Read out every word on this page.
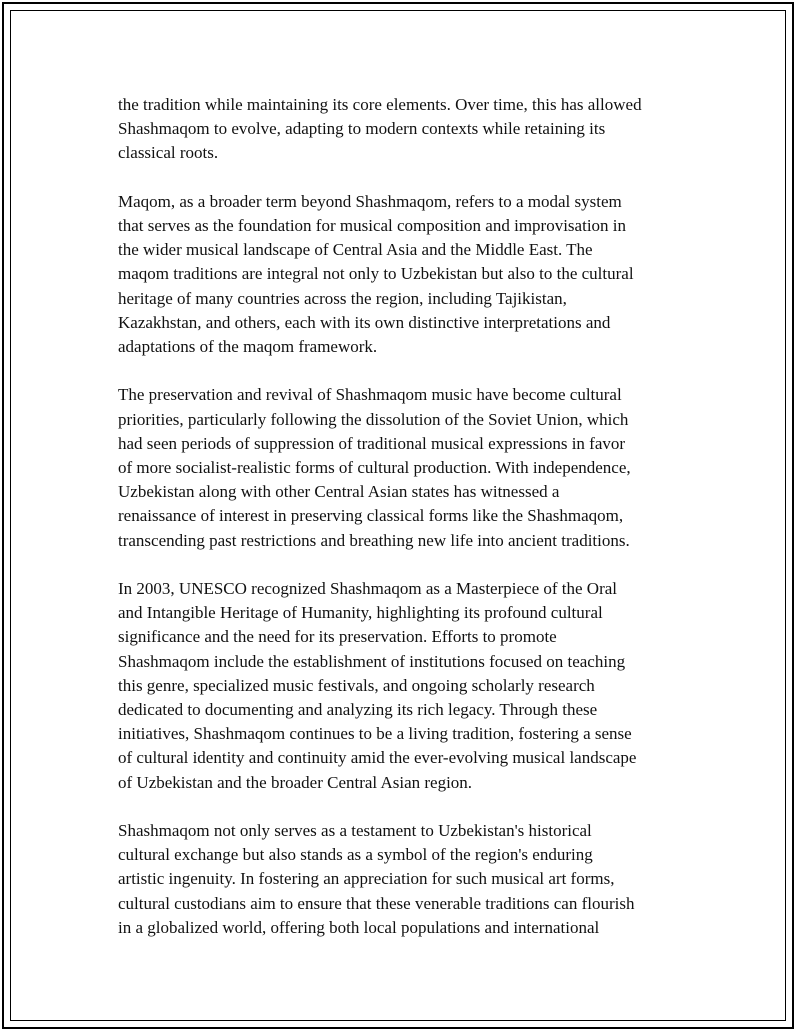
the tradition while maintaining its core elements. Over time, this has allowed
Shashmaqom to evolve, adapting to modern contexts while retaining its
classical roots.

Maqom, as a broader term beyond Shashmaqom, refers to a modal system
that serves as the foundation for musical composition and improvisation in
the wider musical landscape of Central Asia and the Middle East. The
maqom traditions are integral not only to Uzbekistan but also to the cultural
heritage of many countries across the region, including Tajikistan,
Kazakhstan, and others, each with its own distinctive interpretations and
adaptations of the maqom framework.

The preservation and revival of Shashmaqom music have become cultural
priorities, particularly following the dissolution of the Soviet Union, which
had seen periods of suppression of traditional musical expressions in favor
of more socialist-realistic forms of cultural production. With independence,
Uzbekistan along with other Central Asian states has witnessed a
renaissance of interest in preserving classical forms like the Shashmaqom,
transcending past restrictions and breathing new life into ancient traditions.

In 2003, UNESCO recognized Shashmaqom as a Masterpiece of the Oral
and Intangible Heritage of Humanity, highlighting its profound cultural
significance and the need for its preservation. Efforts to promote
Shashmaqom include the establishment of institutions focused on teaching
this genre, specialized music festivals, and ongoing scholarly research
dedicated to documenting and analyzing its rich legacy. Through these
initiatives, Shashmaqom continues to be a living tradition, fostering a sense
of cultural identity and continuity amid the ever-evolving musical landscape
of Uzbekistan and the broader Central Asian region.

Shashmaqom not only serves as a testament to Uzbekistan's historical
cultural exchange but also stands as a symbol of the region's enduring
artistic ingenuity. In fostering an appreciation for such musical art forms,
cultural custodians aim to ensure that these venerable traditions can flourish
in a globalized world, offering both local populations and international
